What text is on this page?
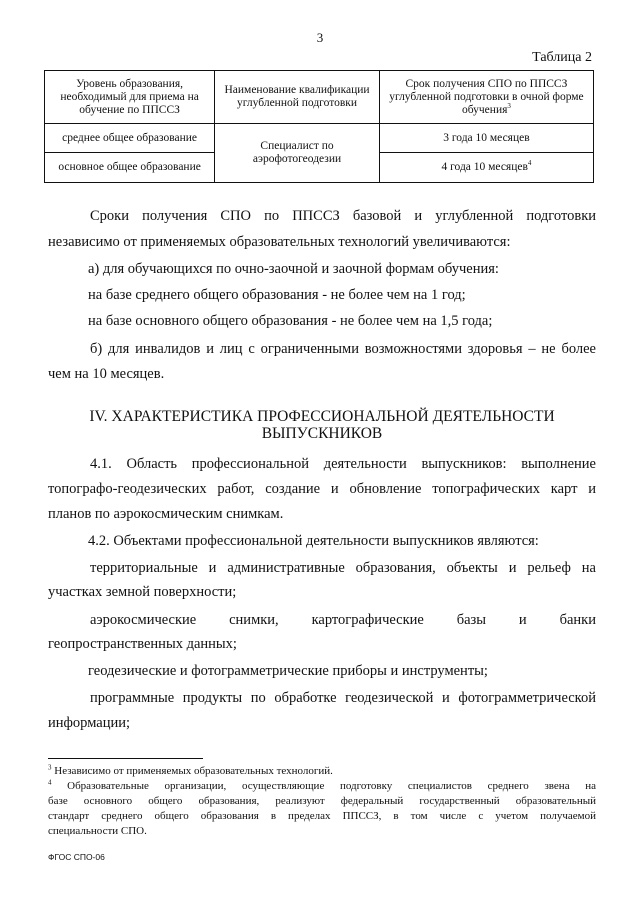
3
Таблица 2
Уровень образования, необходимый для приема на обучение по ППССЗ	Наименование квалификации углубленной подготовки	Срок получения СПО по ППССЗ углубленной подготовки в очной форме обучения$^3$
среднее общее образование	Специалист по аэрофотогеодезии	3 года 10 месяцев
основное общее образование		4 года 10 месяцев$^4$
Сроки получения СПО по ППССЗ базовой и углубленной подготовки
независимо от применяемых образовательных технологий увеличиваются:
а) для обучающихся по очно-заочной и заочной формам обучения:
на базе среднего общего образования - не более чем на 1 год;
на базе основного общего образования - не более чем на 1,5 года;
б) для инвалидов и лиц с ограниченными возможностями здоровья – не более
чем на 10 месяцев.
IV. ХАРАКТЕРИСТИКА ПРОФЕССИОНАЛЬНОЙ ДЕЯТЕЛЬНОСТИ
ВЫПУСКНИКОВ
4.1. Область профессиональной деятельности выпускников: выполнение
топографо-геодезических работ, создание и обновление топографических карт и
планов по аэрокосмическим снимкам.
4.2. Объектами профессиональной деятельности выпускников являются:
территориальные и административные образования, объекты и рельеф на
участках земной поверхности;
аэрокосмические снимки, картографические базы и банки
геопространственных данных;
геодезические и фотограмметрические приборы и инструменты;
программные продукты по обработке геодезической и фотограмметрической
информации;
$^3$ Независимо от применяемых образовательных технологий.
$^4$ Образовательные организации, осуществляющие подготовку специалистов среднего звена на
базе основного общего образования, реализуют федеральный государственный образовательный
стандарт среднего общего образования в пределах ППССЗ, в том числе с учетом получаемой
специальности СПО.
ФГОС СПО-06
